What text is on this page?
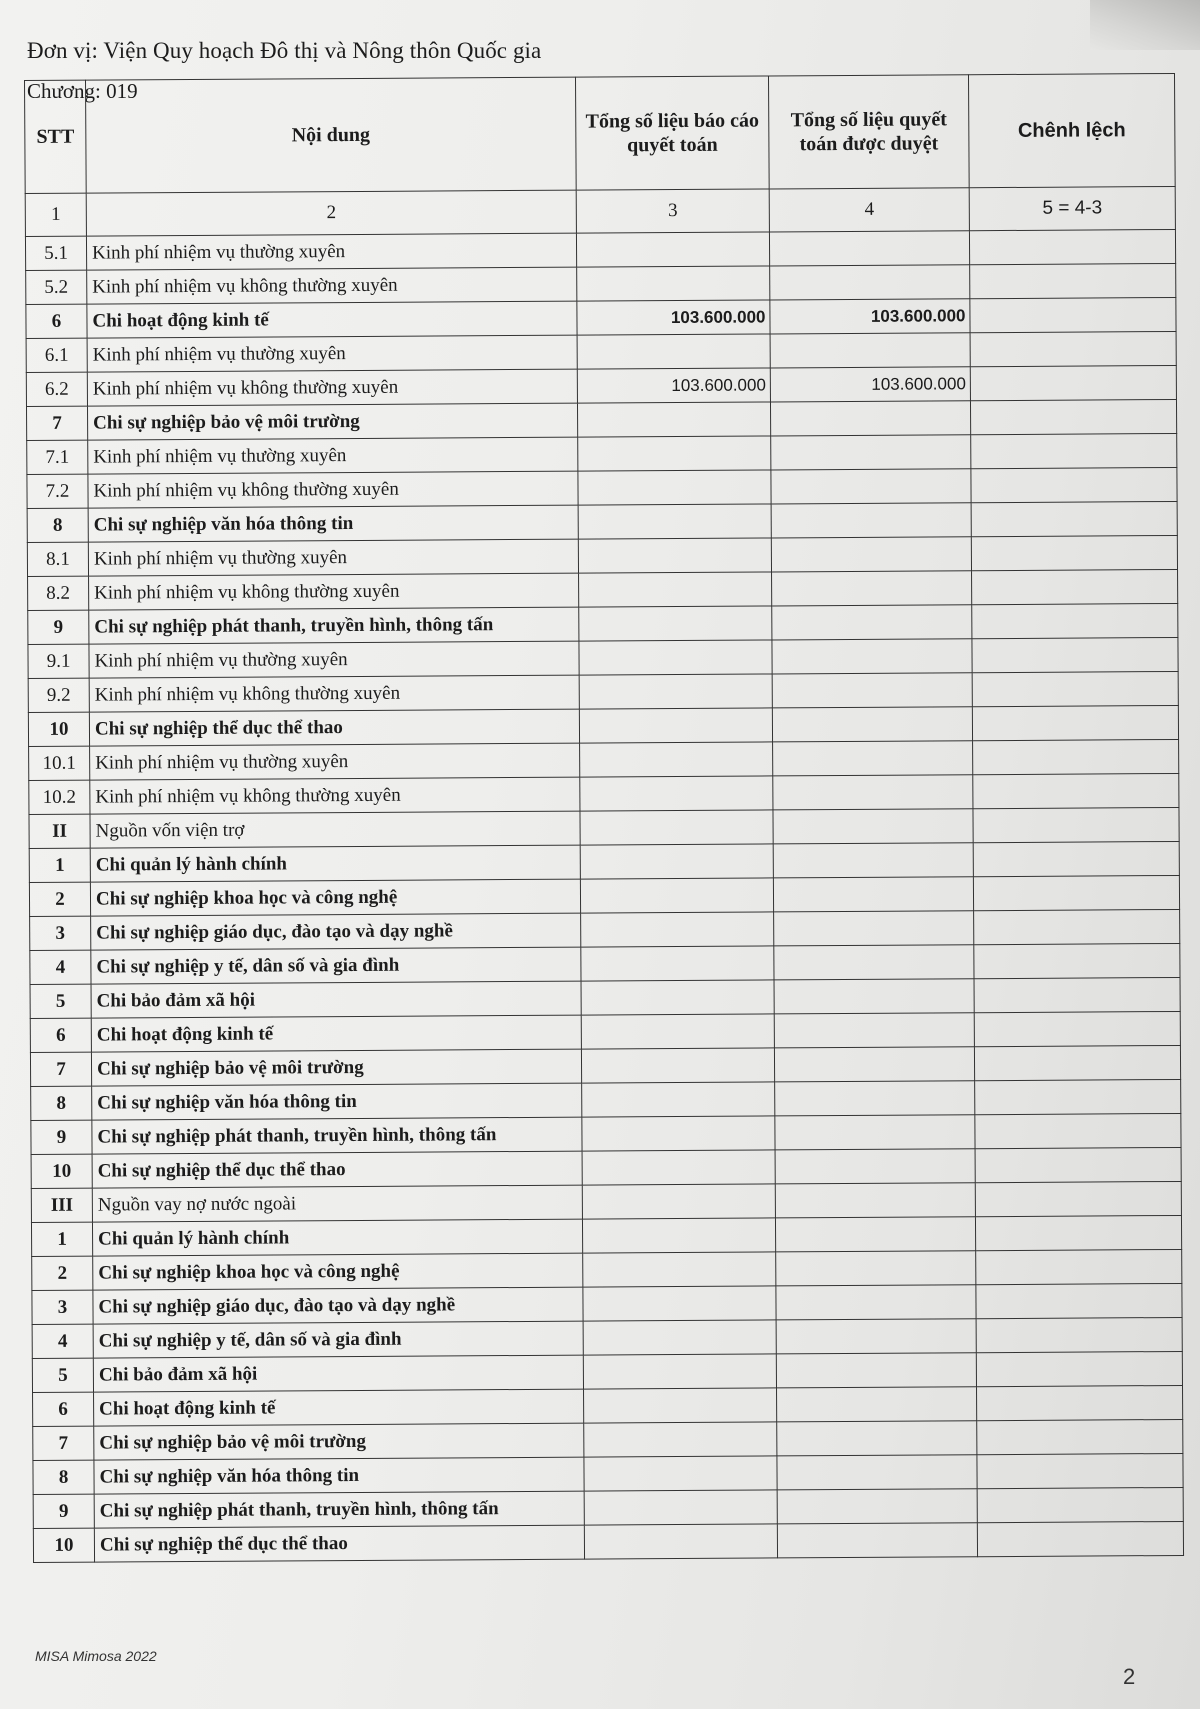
Đơn vị: Viện Quy hoạch Đô thị và Nông thôn Quốc gia
Chương: 019
STT	Nội dung	Tổng số liệu báo cáo quyết toán	Tổng số liệu quyết toán được duyệt	Chênh lệch
1	2	3	4	5 = 4-3
5.1	Kinh phí nhiệm vụ thường xuyên			
5.2	Kinh phí nhiệm vụ không thường xuyên			
6	Chi hoạt động kinh tế	103.600.000	103.600.000	
6.1	Kinh phí nhiệm vụ thường xuyên			
6.2	Kinh phí nhiệm vụ không thường xuyên	103.600.000	103.600.000	
7	Chi sự nghiệp bảo vệ môi trường			
7.1	Kinh phí nhiệm vụ thường xuyên			
7.2	Kinh phí nhiệm vụ không thường xuyên			
8	Chi sự nghiệp văn hóa thông tin			
8.1	Kinh phí nhiệm vụ thường xuyên			
8.2	Kinh phí nhiệm vụ không thường xuyên			
9	Chi sự nghiệp phát thanh, truyền hình, thông tấn			
9.1	Kinh phí nhiệm vụ thường xuyên			
9.2	Kinh phí nhiệm vụ không thường xuyên			
10	Chi sự nghiệp thể dục thể thao			
10.1	Kinh phí nhiệm vụ thường xuyên			
10.2	Kinh phí nhiệm vụ không thường xuyên			
II	Nguồn vốn viện trợ			
1	Chi quản lý hành chính			
2	Chi sự nghiệp khoa học và công nghệ			
3	Chi sự nghiệp giáo dục, đào tạo và dạy nghề			
4	Chi sự nghiệp y tế, dân số và gia đình			
5	Chi bảo đảm xã hội			
6	Chi hoạt động kinh tế			
7	Chi sự nghiệp bảo vệ môi trường			
8	Chi sự nghiệp văn hóa thông tin			
9	Chi sự nghiệp phát thanh, truyền hình, thông tấn			
10	Chi sự nghiệp thể dục thể thao			
III	Nguồn vay nợ nước ngoài			
1	Chi quản lý hành chính			
2	Chi sự nghiệp khoa học và công nghệ			
3	Chi sự nghiệp giáo dục, đào tạo và dạy nghề			
4	Chi sự nghiệp y tế, dân số và gia đình			
5	Chi bảo đảm xã hội			
6	Chi hoạt động kinh tế			
7	Chi sự nghiệp bảo vệ môi trường			
8	Chi sự nghiệp văn hóa thông tin			
9	Chi sự nghiệp phát thanh, truyền hình, thông tấn			
10	Chi sự nghiệp thể dục thể thao			
MISA Mimosa 2022
2
